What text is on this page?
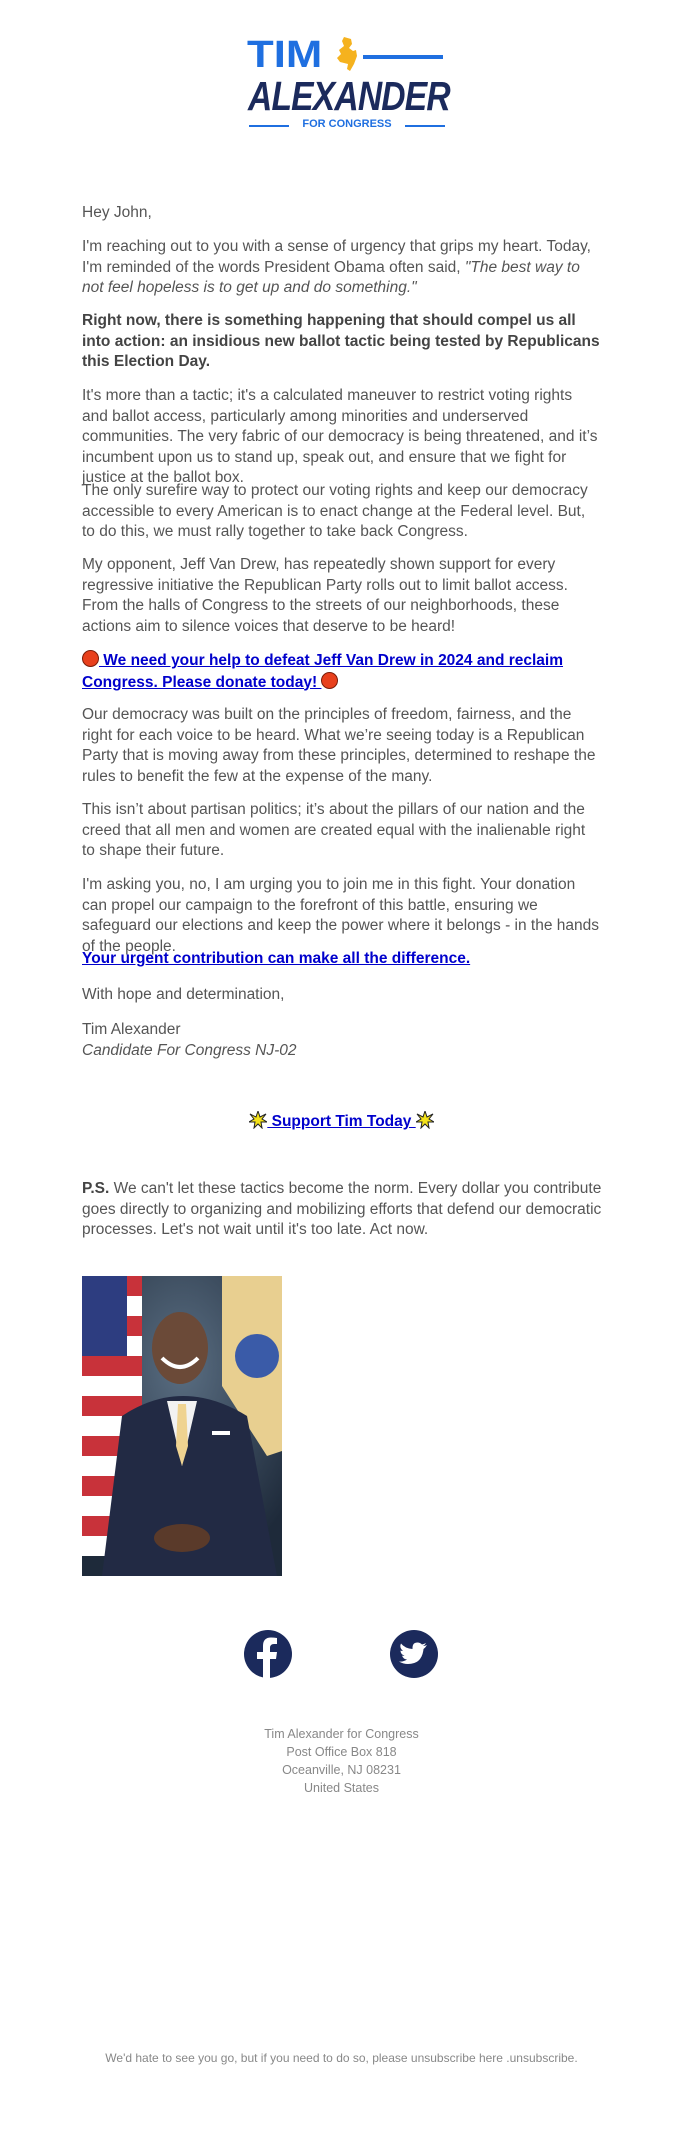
TIM
ALEXANDER
FOR CONGRESS

Hey John,

I'm reaching out to you with a sense of urgency that grips my heart. Today, I'm reminded of the words President Obama often said, "The best way to not feel hopeless is to get up and do something."

Right now, there is something happening that should compel us all into action: an insidious new ballot tactic being tested by Republicans this Election Day.

It's more than a tactic; it's a calculated maneuver to restrict voting rights and ballot access, particularly among minorities and underserved communities. The very fabric of our democracy is being threatened, and it’s incumbent upon us to stand up, speak out, and ensure that we fight for justice at the ballot box.

The only surefire way to protect our voting rights and keep our democracy accessible to every American is to enact change at the Federal level. But, to do this, we must rally together to take back Congress.

My opponent, Jeff Van Drew, has repeatedly shown support for every regressive initiative the Republican Party rolls out to limit ballot access. From the halls of Congress to the streets of our neighborhoods, these actions aim to silence voices that deserve to be heard!

We need your help to defeat Jeff Van Drew in 2024 and reclaim Congress. Please donate today!

Our democracy was built on the principles of freedom, fairness, and the right for each voice to be heard. What we’re seeing today is a Republican Party that is moving away from these principles, determined to reshape the rules to benefit the few at the expense of the many.

This isn’t about partisan politics; it’s about the pillars of our nation and the creed that all men and women are created equal with the inalienable right to shape their future.

I'm asking you, no, I am urging you to join me in this fight. Your donation can propel our campaign to the forefront of this battle, ensuring we safeguard our elections and keep the power where it belongs - in the hands of the people.

Your urgent contribution can make all the difference.

With hope and determination,

Tim Alexander

Candidate For Congress NJ-02

Support Tim Today

P.S. We can't let these tactics become the norm. Every dollar you contribute goes directly to organizing and mobilizing efforts that defend our democratic processes. Let's not wait until it's too late. Act now.

Tim Alexander for Congress
Post Office Box 818
Oceanville, NJ 08231
United States
We'd hate to see you go, but if you need to do so, please unsubscribe here .unsubscribe.
